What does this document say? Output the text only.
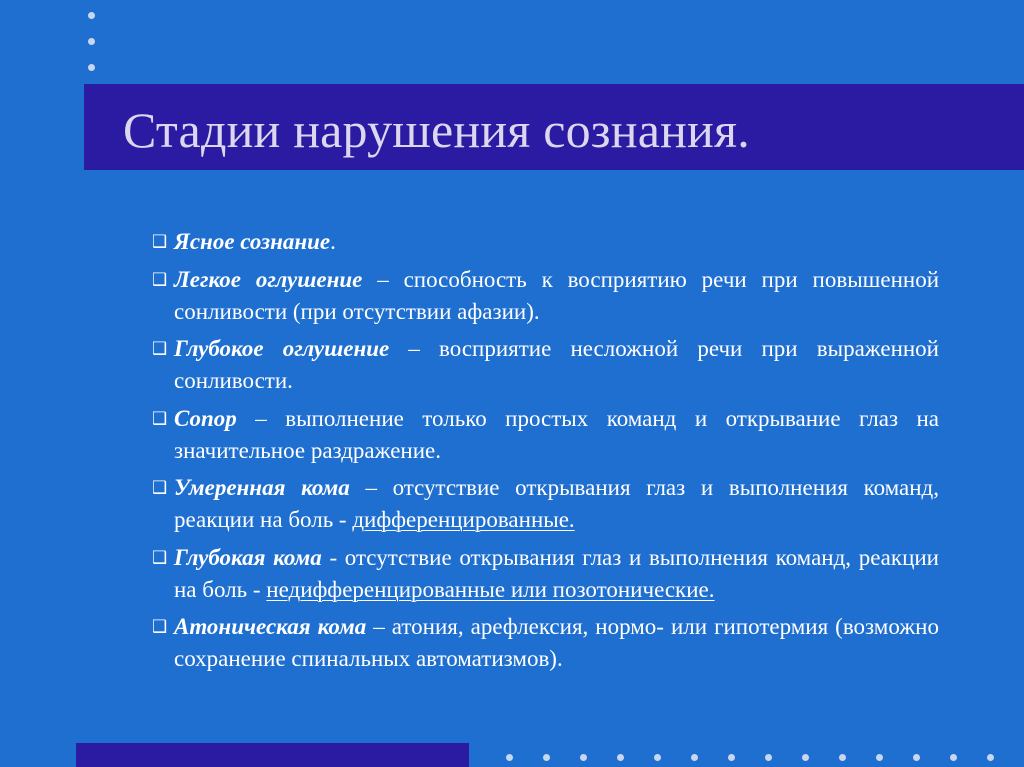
Стадии нарушения сознания.

❑ Ясное сознание.

❑ Легкое оглушение – способность к восприятию речи при повышенной сонливости (при отсутствии афазии).

❑ Глубокое оглушение – восприятие несложной речи при выраженной сонливости.

❑ Сопор – выполнение только простых команд и открывание глаз на значительное раздражение.

❑ Умеренная кома – отсутствие открывания глаз и выполнения команд, реакции на боль - дифференцированные.

❑ Глубокая кома - отсутствие открывания глаз и выполнения команд, реакции на боль - недифференцированные или позотонические.

❑ Атоническая кома – атония, арефлексия, нормо- или гипотермия (возможно сохранение спинальных автоматизмов).
